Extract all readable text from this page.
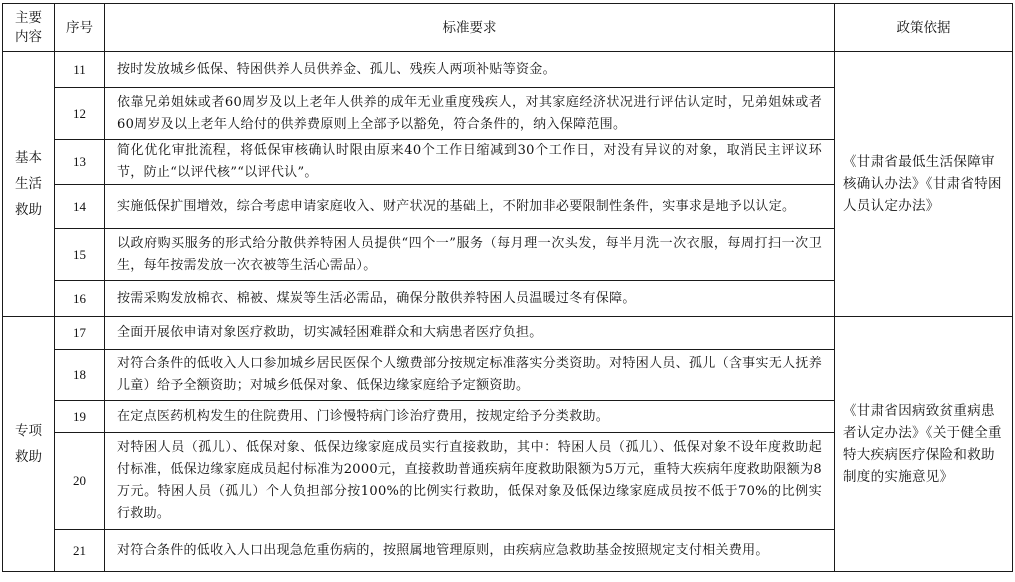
主要
内容	序号	标准要求	政策依据

基本
生活
救助	11	按时发放城乡低保、特困供养人员供养金、孤儿、残疾人两项补贴等资金。	《甘肃省最低生活保障审核确认办法》《甘肃省特困人员认定办法》
	12	依靠兄弟姐妹或者60周岁及以上老年人供养的成年无业重度残疾人，对其家庭经济状况进行评估认定时，兄弟姐妹或者60周岁及以上老年人给付的供养费原则上全部予以豁免，符合条件的，纳入保障范围。	
	13	简化优化审批流程，将低保审核确认时限由原来40个工作日缩减到30个工作日，对没有异议的对象，取消民主评议环节，防止“以评代核”“以评代认”。	
	14	实施低保扩围增效，综合考虑申请家庭收入、财产状况的基础上，不附加非必要限制性条件，实事求是地予以认定。	
	15	以政府购买服务的形式给分散供养特困人员提供“四个一”服务（每月理一次头发，每半月洗一次衣服，每周打扫一次卫生，每年按需发放一次衣被等生活心需品）。	
	16	按需采购发放棉衣、棉被、煤炭等生活必需品，确保分散供养特困人员温暖过冬有保障。	

专项
救助	17	全面开展依申请对象医疗救助，切实减轻困难群众和大病患者医疗负担。	《甘肃省因病致贫重病患者认定办法》《关于健全重特大疾病医疗保险和救助制度的实施意见》
	18	对符合条件的低收入人口参加城乡居民医保个人缴费部分按规定标准落实分类资助。对特困人员、孤儿（含事实无人抚养儿童）给予全额资助；对城乡低保对象、低保边缘家庭给予定额资助。	
	19	在定点医药机构发生的住院费用、门诊慢特病门诊治疗费用，按规定给予分类救助。	
	20	对特困人员（孤儿）、低保对象、低保边缘家庭成员实行直接救助，其中：特困人员（孤儿）、低保对象不设年度救助起付标准，低保边缘家庭成员起付标准为2000元，直接救助普通疾病年度救助限额为5万元，重特大疾病年度救助限额为8万元。特困人员（孤儿）个人负担部分按100%的比例实行救助，低保对象及低保边缘家庭成员按不低于70%的比例实行救助。	
	21	对符合条件的低收入人口出现急危重伤病的，按照属地管理原则，由疾病应急救助基金按照规定支付相关费用。	
